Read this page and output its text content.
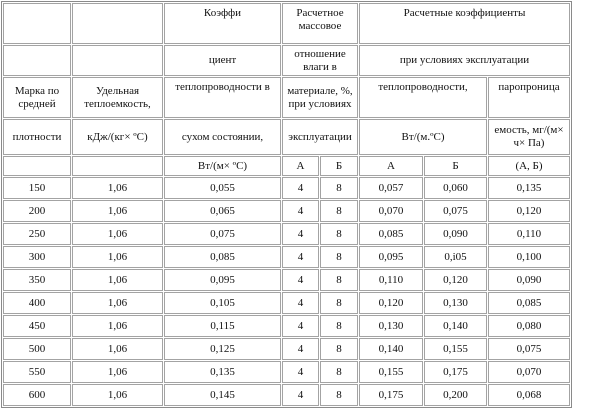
		Коэффи	Расчетное массовое		Расчетные коэффициенты		
		циент	отношение влаги в		при условиях эксплуатации		
Марка по средней	Удельная теплоемкость,	теплопроводности в	материале, %, при условиях		теплопроводности,		паропроница
плотности	кДж/(кг× ºС)	сухом состоянии,	эксплуатации		Вт/(м.ºС)		емость, мг/(м× ч× Па)
		Вт/(м× ºС)	А	Б	А	Б	(А, Б)
150	1,06	0,055	4	8	0,057	0,060	0,135
200	1,06	0,065	4	8	0,070	0,075	0,120
250	1,06	0,075	4	8	0,085	0,090	0,110
300	1,06	0,085	4	8	0,095	0,i05	0,100
350	1,06	0,095	4	8	0,110	0,120	0,090
400	1,06	0,105	4	8	0,120	0,130	0,085
450	1,06	0,115	4	8	0,130	0,140	0,080
500	1,06	0,125	4	8	0,140	0,155	0,075
550	1,06	0,135	4	8	0,155	0,175	0,070
600	1,06	0,145	4	8	0,175	0,200	0,068
